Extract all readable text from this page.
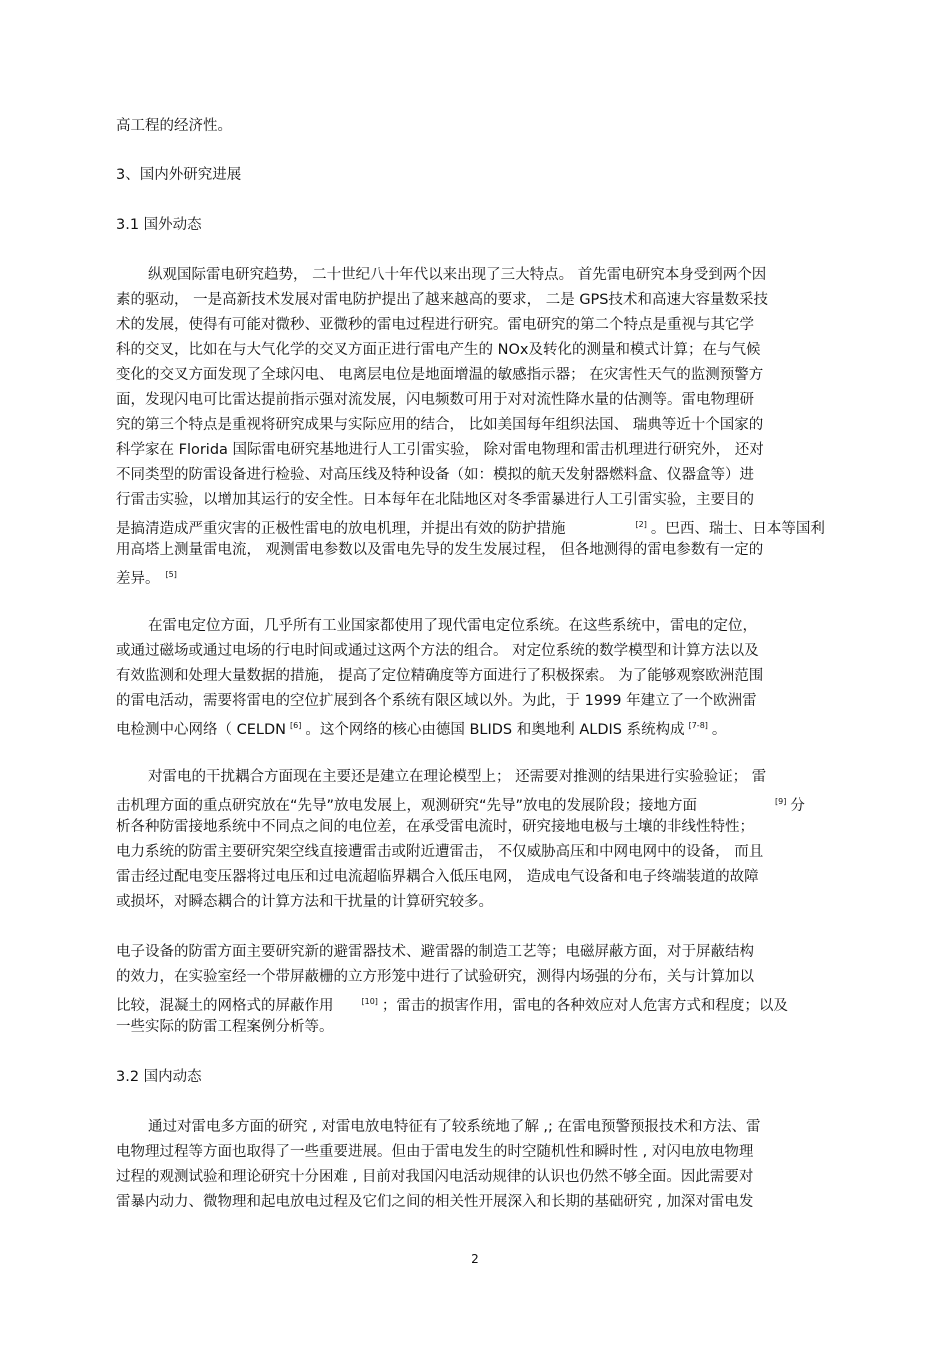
高工程的经济性。
3、国内外研究进展
3.1 国外动态
纵观国际雷电研究趋势， 二十世纪八十年代以来出现了三大特点。 首先雷电研究本身受到两个因
素的驱动， 一是高新技术发展对雷电防护提出了越来越高的要求， 二是 GPS技术和高速大容量数采技
术的发展，使得有可能对微秒、亚微秒的雷电过程进行研究。雷电研究的第二个特点是重视与其它学
科的交叉，比如在与大气化学的交叉方面正进行雷电产生的 NOx及转化的测量和模式计算；在与气候
变化的交叉方面发现了全球闪电、 电离层电位是地面增温的敏感指示器； 在灾害性天气的监测预警方
面，发现闪电可比雷达提前指示强对流发展，闪电频数可用于对对流性降水量的估测等。雷电物理研
究的第三个特点是重视将研究成果与实际应用的结合， 比如美国每年组织法国、 瑞典等近十个国家的
科学家在 Florida 国际雷电研究基地进行人工引雷实验， 除对雷电物理和雷击机理进行研究外， 还对
不同类型的防雷设备进行检验、对高压线及特种设备（如：模拟的航天发射器燃料盒、仪器盒等）进
行雷击实验，以增加其运行的安全性。日本每年在北陆地区对冬季雷暴进行人工引雷实验，主要目的
是搞清造成严重灾害的正极性雷电的放电机理，并提出有效的防护措施	[2] 。巴西、瑞士、日本等国利
用高塔上测量雷电流， 观测雷电参数以及雷电先导的发生发展过程， 但各地测得的雷电参数有一定的
差异。 [5]
在雷电定位方面，几乎所有工业国家都使用了现代雷电定位系统。在这些系统中，雷电的定位，
或通过磁场或通过电场的行电时间或通过这两个方法的组合。 对定位系统的数学模型和计算方法以及
有效监测和处理大量数据的措施， 提高了定位精确度等方面进行了积极探索。 为了能够观察欧洲范围
的雷电活动，需要将雷电的空位扩展到各个系统有限区域以外。为此，于 1999 年建立了一个欧洲雷
电检测中心网络（ CELDN [6] 。这个网络的核心由德国 BLIDS 和奥地利 ALDIS 系统构成 [7-8] 。
对雷电的干扰耦合方面现在主要还是建立在理论模型上； 还需要对推测的结果进行实验验证； 雷
击机理方面的重点研究放在“先导”放电发展上，观测研究“先导”放电的发展阶段；接地方面	[9] 分
析各种防雷接地系统中不同点之间的电位差，在承受雷电流时，研究接地电极与土壤的非线性特性；
电力系统的防雷主要研究架空线直接遭雷击或附近遭雷击， 不仅威胁高压和中网电网中的设备， 而且
雷击经过配电变压器将过电压和过电流超临界耦合入低压电网， 造成电气设备和电子终端装道的故障
或损坏，对瞬态耦合的计算方法和干扰量的计算研究较多。
电子设备的防雷方面主要研究新的避雷器技术、避雷器的制造工艺等；电磁屏蔽方面，对于屏蔽结构
的效力，在实验室经一个带屏蔽栅的立方形笼中进行了试验研究，测得内场强的分布，关与计算加以
比较，混凝土的网格式的屏蔽作用	[10] ；雷击的损害作用，雷电的各种效应对人危害方式和程度；以及
一些实际的防雷工程案例分析等。
3.2 国内动态
通过对雷电多方面的研究 , 对雷电放电特征有了较系统地了解 ,; 在雷电预警预报技术和方法、雷
电物理过程等方面也取得了一些重要进展。但由于雷电发生的时空随机性和瞬时性 , 对闪电放电物理
过程的观测试验和理论研究十分困难 , 目前对我国闪电活动规律的认识也仍然不够全面。因此需要对
雷暴内动力、微物理和起电放电过程及它们之间的相关性开展深入和长期的基础研究 , 加深对雷电发
2
